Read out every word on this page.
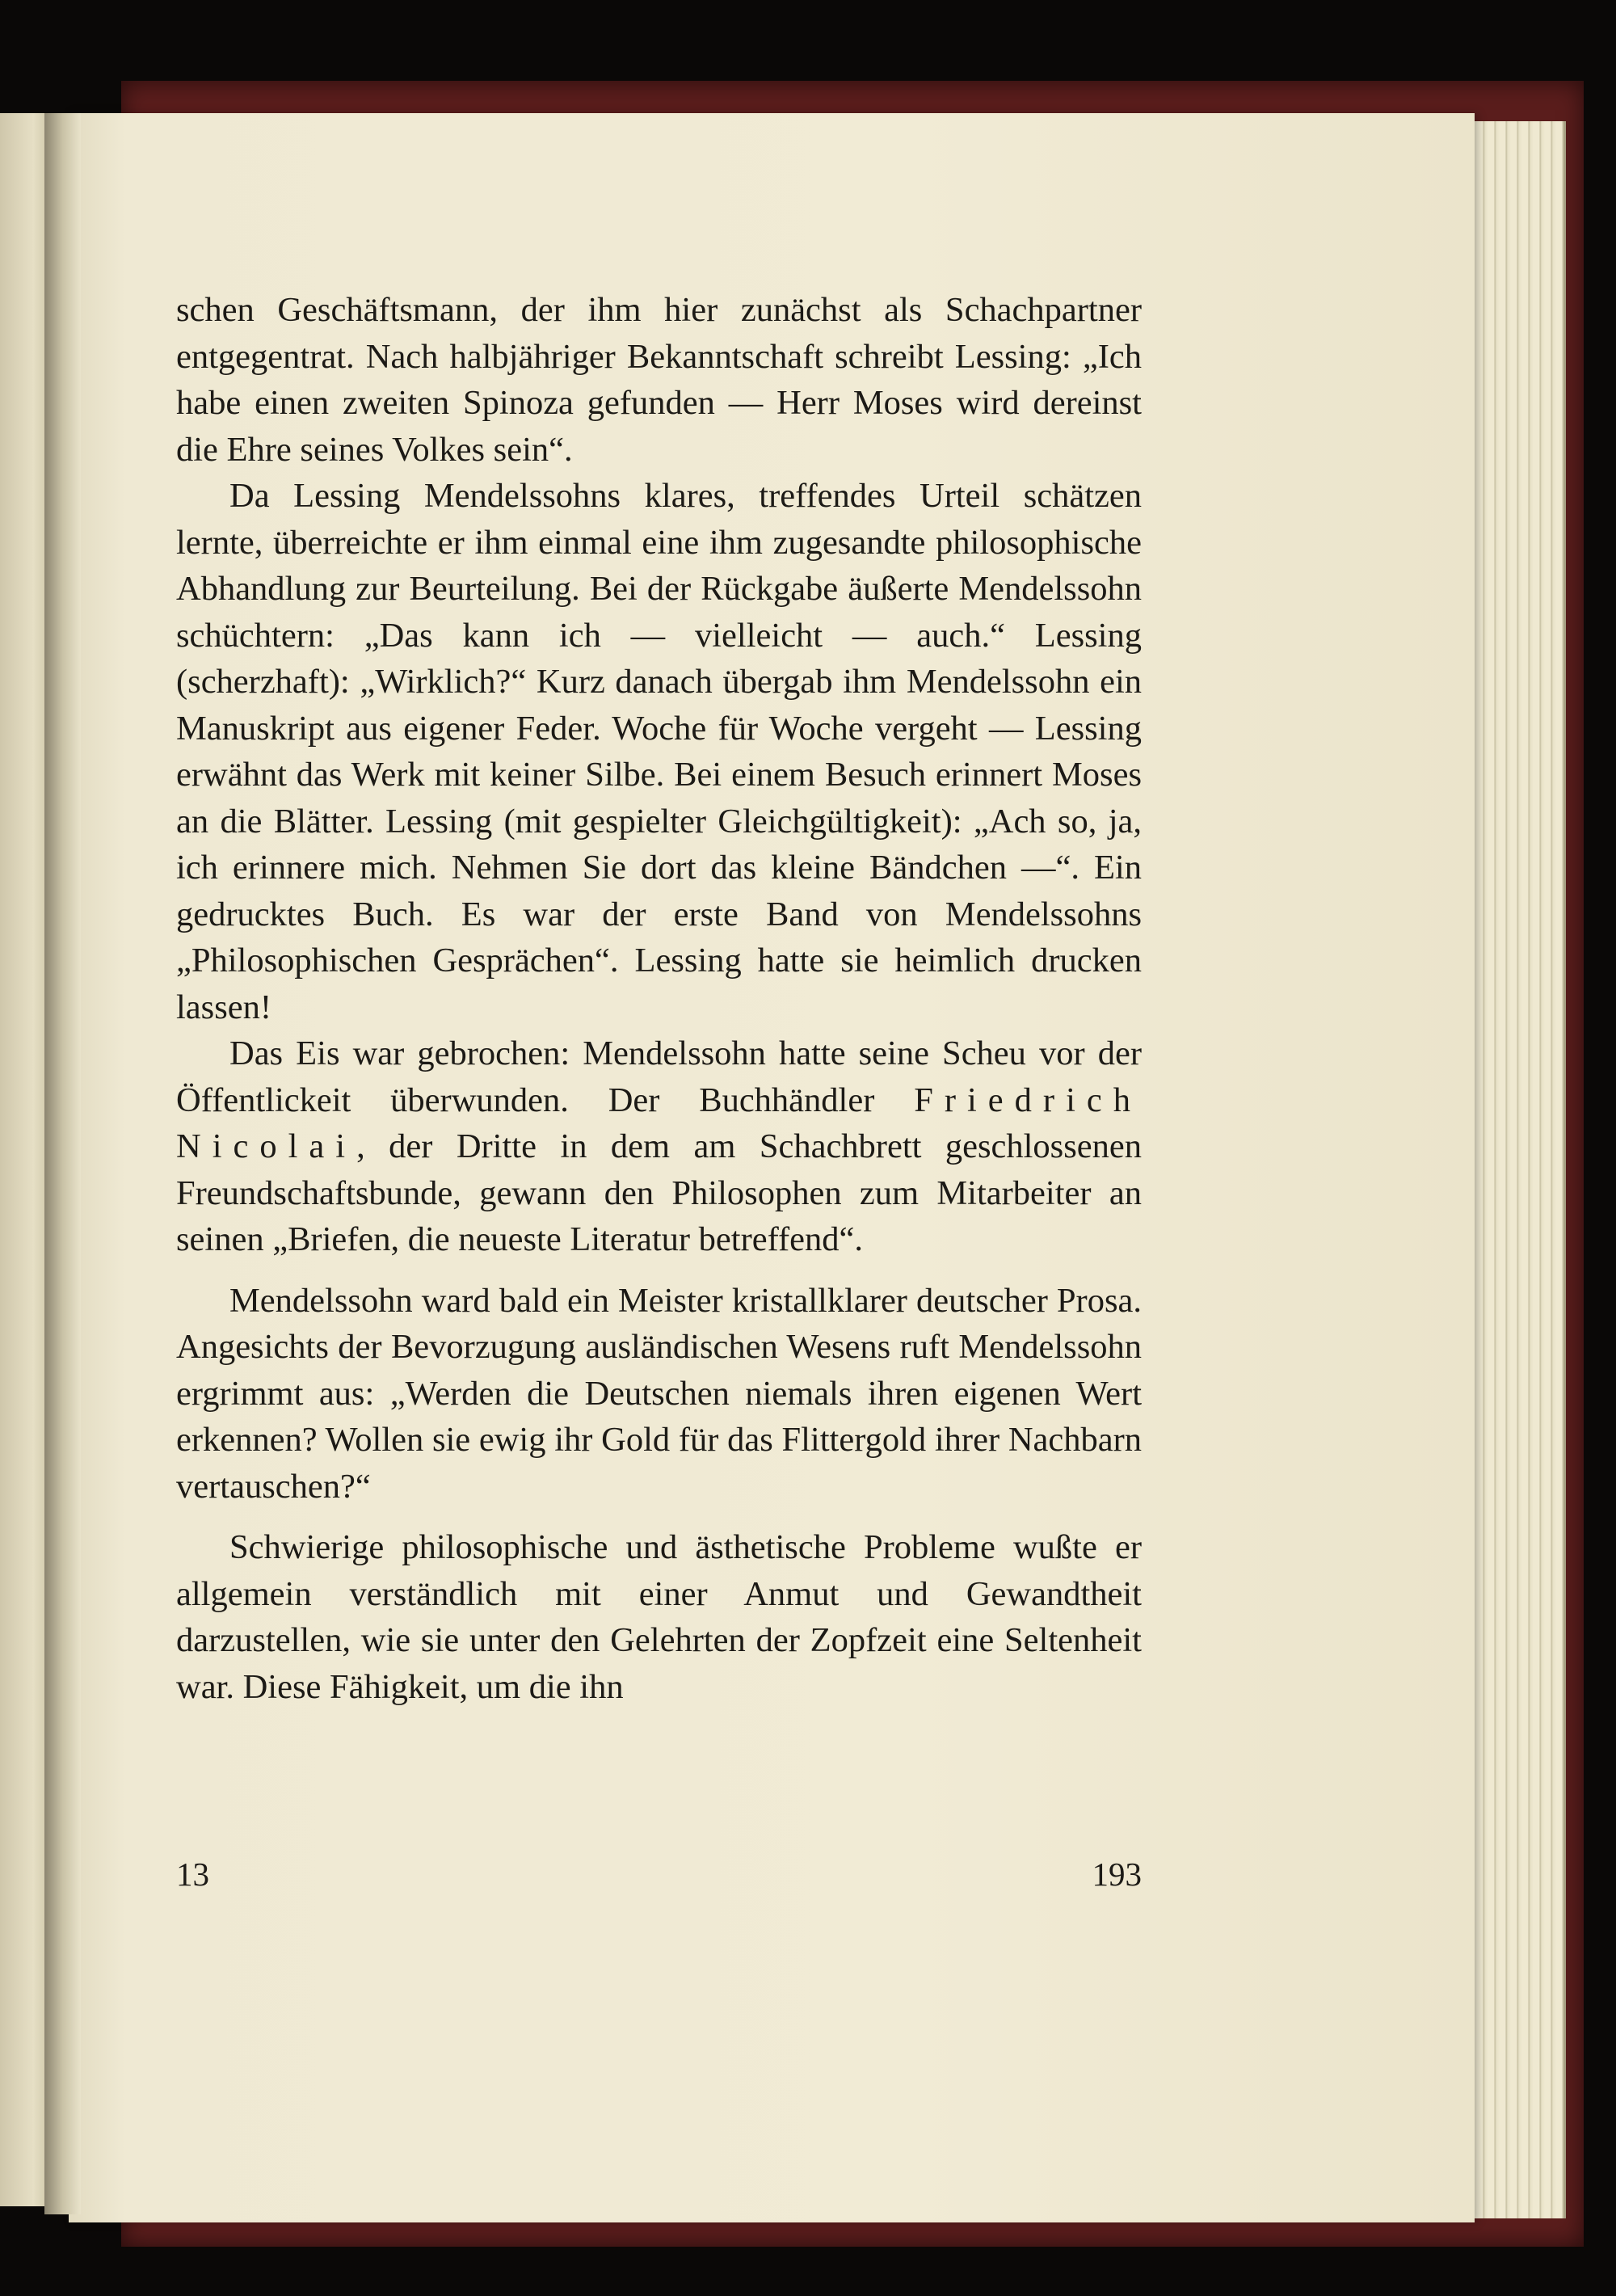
schen Geschäftsmann, der ihm hier zunächst als Schachpartner entgegentrat. Nach halbjähriger Bekanntschaft schreibt Lessing: „Ich habe einen zweiten Spinoza gefunden — Herr Moses wird dereinst die Ehre seines Volkes sein“.

Da Lessing Mendelssohns klares, treffendes Urteil schätzen lernte, überreichte er ihm einmal eine ihm zugesandte philosophische Abhandlung zur Beurteilung. Bei der Rückgabe äußerte Mendelssohn schüchtern: „Das kann ich — vielleicht — auch.“ Lessing (scherzhaft): „Wirklich?“ Kurz danach übergab ihm Mendelssohn ein Manuskript aus eigener Feder. Woche für Woche vergeht — Lessing erwähnt das Werk mit keiner Silbe. Bei einem Besuch erinnert Moses an die Blätter. Lessing (mit gespielter Gleichgültigkeit): „Ach so, ja, ich erinnere mich. Nehmen Sie dort das kleine Bändchen —“. Ein gedrucktes Buch. Es war der erste Band von Mendelssohns „Philosophischen Gesprächen“. Lessing hatte sie heimlich drucken lassen!

Das Eis war gebrochen: Mendelssohn hatte seine Scheu vor der Öffentlickeit überwunden. Der Buchhändler Friedrich Nicolai, der Dritte in dem am Schachbrett geschlossenen Freundschaftsbunde, gewann den Philosophen zum Mitarbeiter an seinen „Briefen, die neueste Literatur betreffend“.

Mendelssohn ward bald ein Meister kristallklarer deutscher Prosa. Angesichts der Bevorzugung ausländischen Wesens ruft Mendelssohn ergrimmt aus: „Werden die Deutschen niemals ihren eigenen Wert erkennen? Wollen sie ewig ihr Gold für das Flittergold ihrer Nachbarn vertauschen?“

Schwierige philosophische und ästhetische Probleme wußte er allgemein verständlich mit einer Anmut und Gewandtheit darzustellen, wie sie unter den Gelehrten der Zopfzeit eine Seltenheit war. Diese Fähigkeit, um die ihn

13	193
